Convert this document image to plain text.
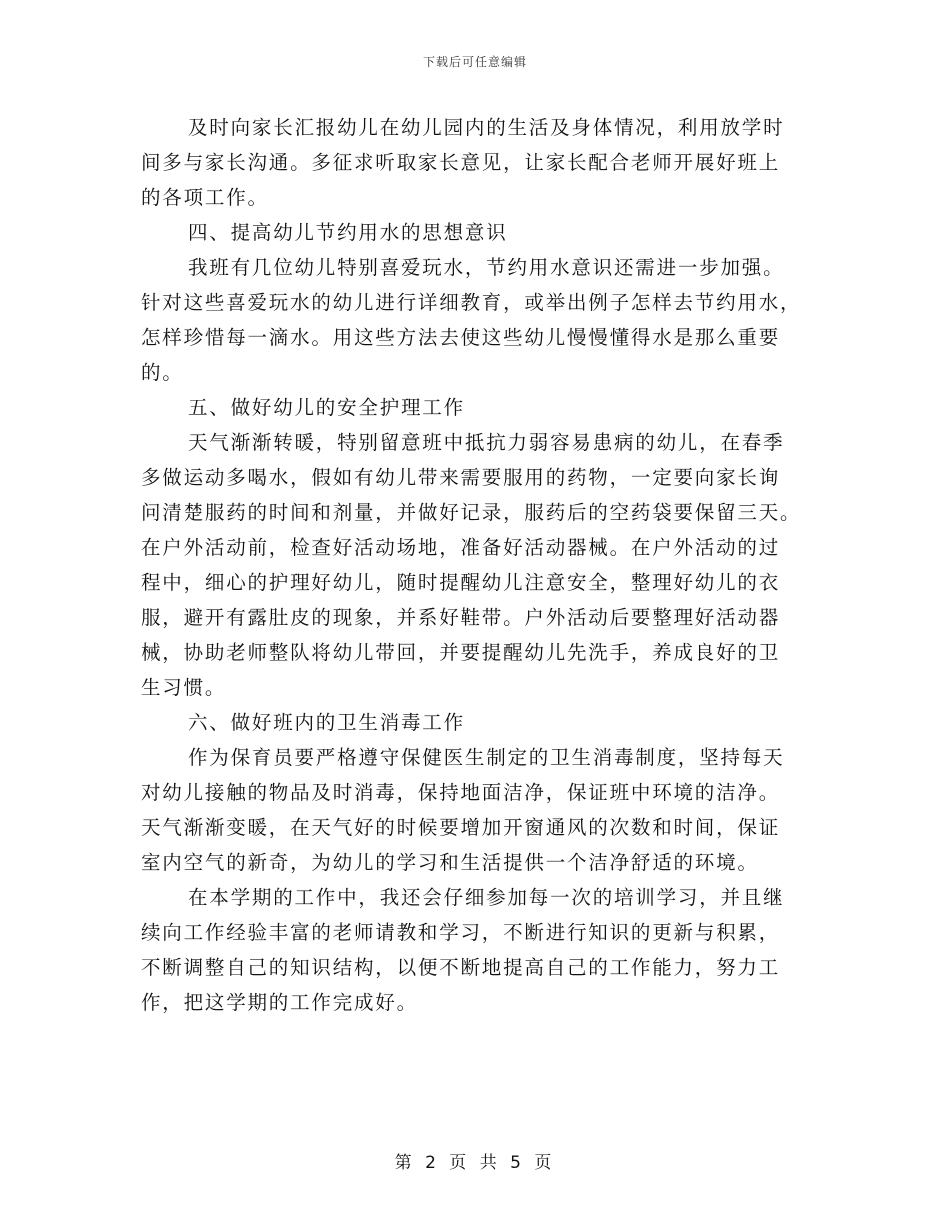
下载后可任意编辑
及时向家长汇报幼儿在幼儿园内的生活及身体情况，利用放学时
间多与家长沟通。多征求听取家长意见，让家长配合老师开展好班上
的各项工作。
四、提高幼儿节约用水的思想意识
我班有几位幼儿特别喜爱玩水，节约用水意识还需进一步加强。
针对这些喜爱玩水的幼儿进行详细教育，或举出例子怎样去节约用水，
怎样珍惜每一滴水。用这些方法去使这些幼儿慢慢懂得水是那么重要
的。
五、做好幼儿的安全护理工作
天气渐渐转暖，特别留意班中抵抗力弱容易患病的幼儿，在春季
多做运动多喝水，假如有幼儿带来需要服用的药物，一定要向家长询
问清楚服药的时间和剂量，并做好记录，服药后的空药袋要保留三天。
在户外活动前，检查好活动场地，准备好活动器械。在户外活动的过
程中，细心的护理好幼儿，随时提醒幼儿注意安全，整理好幼儿的衣
服，避开有露肚皮的现象，并系好鞋带。户外活动后要整理好活动器
械，协助老师整队将幼儿带回，并要提醒幼儿先洗手，养成良好的卫
生习惯。
六、做好班内的卫生消毒工作
作为保育员要严格遵守保健医生制定的卫生消毒制度，坚持每天
对幼儿接触的物品及时消毒，保持地面洁净，保证班中环境的洁净。
天气渐渐变暖，在天气好的时候要增加开窗通风的次数和时间，保证
室内空气的新奇，为幼儿的学习和生活提供一个洁净舒适的环境。
在本学期的工作中，我还会仔细参加每一次的培训学习，并且继
续向工作经验丰富的老师请教和学习，不断进行知识的更新与积累，
不断调整自己的知识结构，以便不断地提高自己的工作能力，努力工
作，把这学期的工作完成好。
第 2 页 共 5 页
